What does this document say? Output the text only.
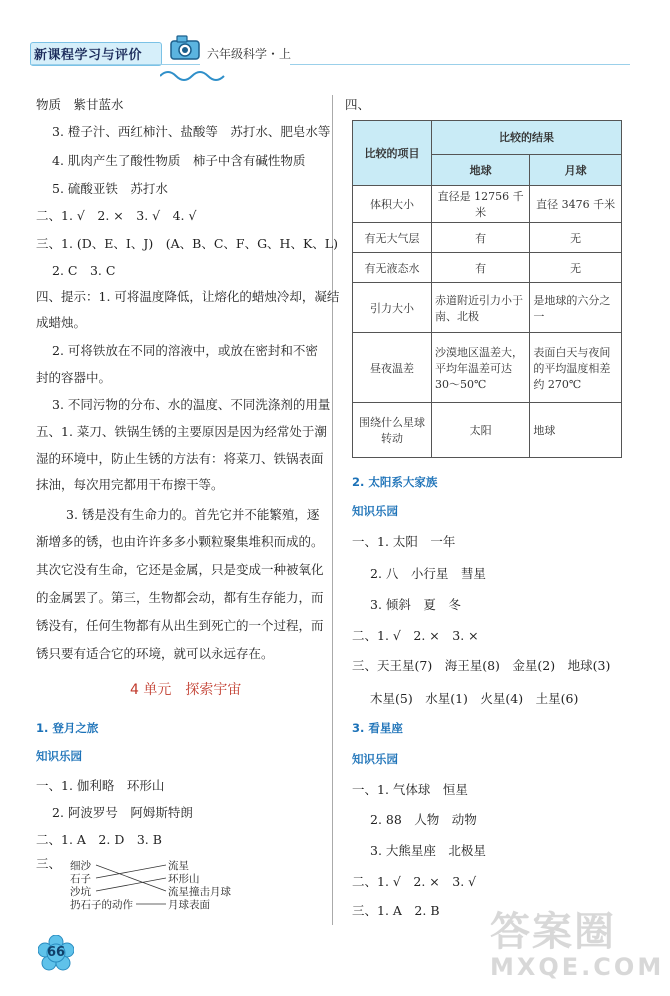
新课程学习与评价	六年级科学・上
物质　紫甘蓝水
3. 橙子汁、西红柿汁、盐酸等　苏打水、肥皂水等
4. 肌肉产生了酸性物质　柿子中含有碱性物质
5. 硫酸亚铁　苏打水
二、1. √　2. ×　3. √　4. √
三、1. (D、E、I、J)　(A、B、C、F、G、H、K、L)
2. C　3. C
四、提示：1. 可将温度降低，让熔化的蜡烛冷却，凝结
成蜡烛。
2. 可将铁放在不同的溶液中，或放在密封和不密
封的容器中。
3. 不同污物的分布、水的温度、不同洗涤剂的用量
五、1. 菜刀、铁锅生锈的主要原因是因为经常处于潮
湿的环境中，防止生锈的方法有：将菜刀、铁锅表面
抹油，每次用完都用干布擦干等。
3. 锈是没有生命力的。首先它并不能繁殖，逐
渐增多的锈，也由许许多多小颗粒聚集堆积而成的。
其次它没有生命，它还是金属，只是变成一种被氧化
的金属罢了。第三，生物都会动，都有生存能力，而
锈没有，任何生物都有从出生到死亡的一个过程，而
锈只要有适合它的环境，就可以永远存在。
4 单元　探索宇宙
1. 登月之旅
知识乐园
一、1. 伽利略　环形山
2. 阿波罗号　阿姆斯特朗
二、1. A　2. D　3. B
三、 细沙
石子
沙坑
扔石子的动作
流星
环形山
流星撞击月球
月球表面
四、
比较的项目	比较的结果	
	地球	月球
体积大小	直径是 12756 千米	直径 3476 千米
有无大气层	有	无
有无液态水	有	无
引力大小	赤道附近引力小于南、北极	是地球的六分之一
昼夜温差	沙漠地区温差大，平均年温差可达 30～50℃	表面白天与夜间的平均温度相差约 270℃
围绕什么星球转动	太阳	地球
2. 太阳系大家族
知识乐园
一、1. 太阳　一年
2. 八　小行星　彗星
3. 倾斜　夏　冬
二、1. √　2. ×　3. ×
三、天王星(7)　海王星(8)　金星(2)　地球(3)
木星(5)　水星(1)　火星(4)　土星(6)
3. 看星座
知识乐园
一、1. 气体球　恒星
2. 88　人物　动物
3. 大熊星座　北极星
二、1. √　2. ×　3. √
三、1. A　2. B
66	答案圈
MXQE.COM
